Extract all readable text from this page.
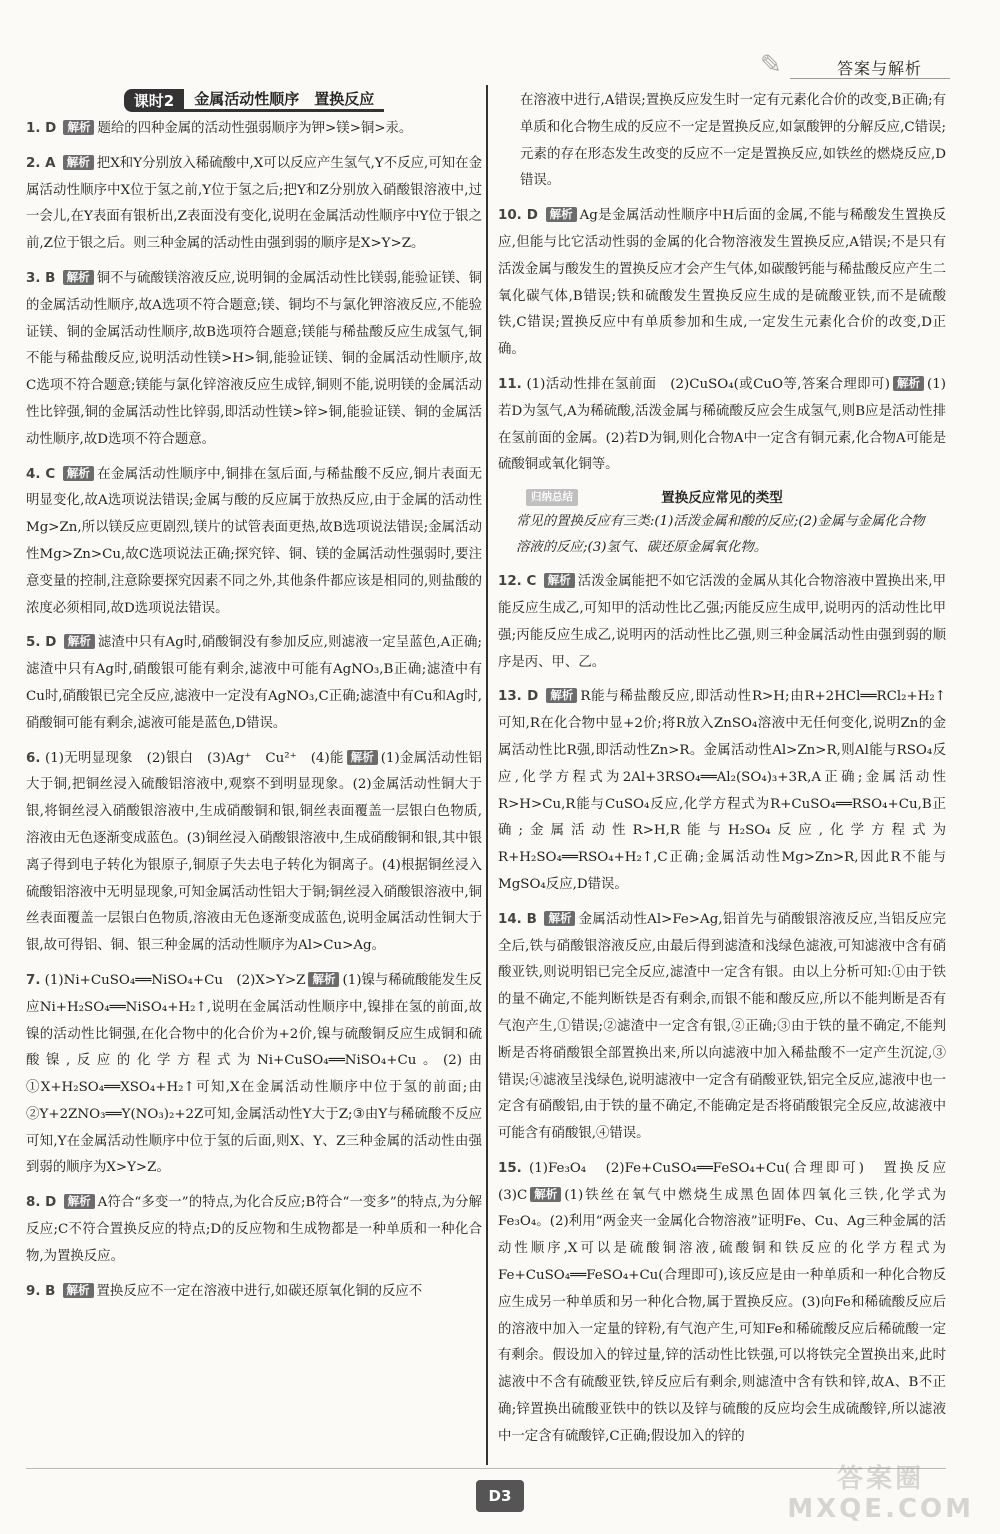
✎	答案与解析
课时2	金属活动性顺序　置换反应

1. D 解析 题给的四种金属的活动性强弱顺序为钾>镁>铜>汞。

2. A 解析 把X和Y分别放入稀硫酸中,X可以反应产生氢气,Y不反应,可知在金属活动性顺序中X位于氢之前,Y位于氢之后;把Y和Z分别放入硝酸银溶液中,过一会儿,在Y表面有银析出,Z表面没有变化,说明在金属活动性顺序中Y位于银之前,Z位于银之后。则三种金属的活动性由强到弱的顺序是X>Y>Z。

3. B 解析 铜不与硫酸镁溶液反应,说明铜的金属活动性比镁弱,能验证镁、铜的金属活动性顺序,故A选项不符合题意;镁、铜均不与氯化钾溶液反应,不能验证镁、铜的金属活动性顺序,故B选项符合题意;镁能与稀盐酸反应生成氢气,铜不能与稀盐酸反应,说明活动性镁>H>铜,能验证镁、铜的金属活动性顺序,故C选项不符合题意;镁能与氯化锌溶液反应生成锌,铜则不能,说明镁的金属活动性比锌强,铜的金属活动性比锌弱,即活动性镁>锌>铜,能验证镁、铜的金属活动性顺序,故D选项不符合题意。

4. C 解析 在金属活动性顺序中,铜排在氢后面,与稀盐酸不反应,铜片表面无明显变化,故A选项说法错误;金属与酸的反应属于放热反应,由于金属的活动性Mg>Zn,所以镁反应更剧烈,镁片的试管表面更热,故B选项说法错误;金属活动性Mg>Zn>Cu,故C选项说法正确;探究锌、铜、镁的金属活动性强弱时,要注意变量的控制,注意除要探究因素不同之外,其他条件都应该是相同的,则盐酸的浓度必须相同,故D选项说法错误。

5. D 解析 滤渣中只有Ag时,硝酸铜没有参加反应,则滤液一定呈蓝色,A正确;滤渣中只有Ag时,硝酸银可能有剩余,滤液中可能有AgNO₃,B正确;滤渣中有Cu时,硝酸银已完全反应,滤液中一定没有AgNO₃,C正确;滤渣中有Cu和Ag时,硝酸铜可能有剩余,滤液可能是蓝色,D错误。

6. (1)无明显现象　(2)银白　(3)Ag⁺　Cu²⁺　(4)能 解析 (1)金属活动性铝大于铜,把铜丝浸入硫酸铝溶液中,观察不到明显现象。(2)金属活动性铜大于银,将铜丝浸入硝酸银溶液中,生成硝酸铜和银,铜丝表面覆盖一层银白色物质,溶液由无色逐渐变成蓝色。(3)铜丝浸入硝酸银溶液中,生成硝酸铜和银,其中银离子得到电子转化为银原子,铜原子失去电子转化为铜离子。(4)根据铜丝浸入硫酸铝溶液中无明显现象,可知金属活动性铝大于铜;铜丝浸入硝酸银溶液中,铜丝表面覆盖一层银白色物质,溶液由无色逐渐变成蓝色,说明金属活动性铜大于银,故可得铝、铜、银三种金属的活动性顺序为Al>Cu>Ag。

7. (1)Ni+CuSO₄══NiSO₄+Cu　(2)X>Y>Z 解析 (1)镍与稀硫酸能发生反应Ni+H₂SO₄══NiSO₄+H₂↑,说明在金属活动性顺序中,镍排在氢的前面,故镍的活动性比铜强,在化合物中的化合价为+2价,镍与硫酸铜反应生成铜和硫酸镍,反应的化学方程式为Ni+CuSO₄══NiSO₄+Cu。(2)由①X+H₂SO₄══XSO₄+H₂↑可知,X在金属活动性顺序中位于氢的前面;由②Y+2ZNO₃══Y(NO₃)₂+2Z可知,金属活动性Y大于Z;③由Y与稀硫酸不反应可知,Y在金属活动性顺序中位于氢的后面,则X、Y、Z三种金属的活动性由强到弱的顺序为X>Y>Z。

8. D 解析 A符合“多变一”的特点,为化合反应;B符合“一变多”的特点,为分解反应;C不符合置换反应的特点;D的反应物和生成物都是一种单质和一种化合物,为置换反应。

9. B 解析 置换反应不一定在溶液中进行,如碳还原氧化铜的反应不

在溶液中进行,A错误;置换反应发生时一定有元素化合价的改变,B正确;有单质和化合物生成的反应不一定是置换反应,如氯酸钾的分解反应,C错误;元素的存在形态发生改变的反应不一定是置换反应,如铁丝的燃烧反应,D错误。

10. D 解析 Ag是金属活动性顺序中H后面的金属,不能与稀酸发生置换反应,但能与比它活动性弱的金属的化合物溶液发生置换反应,A错误;不是只有活泼金属与酸发生的置换反应才会产生气体,如碳酸钙能与稀盐酸反应产生二氧化碳气体,B错误;铁和硫酸发生置换反应生成的是硫酸亚铁,而不是硫酸铁,C错误;置换反应中有单质参加和生成,一定发生元素化合价的改变,D正确。

11. (1)活动性排在氢前面　(2)CuSO₄(或CuO等,答案合理即可) 解析 (1)若D为氢气,A为稀硫酸,活泼金属与稀硫酸反应会生成氢气,则B应是活动性排在氢前面的金属。(2)若D为铜,则化合物A中一定含有铜元素,化合物A可能是硫酸铜或氧化铜等。

归纳总结	置换反应常见的类型
常见的置换反应有三类:(1)活泼金属和酸的反应;(2)金属与金属化合物溶液的反应;(3)氢气、碳还原金属氧化物。

12. C 解析 活泼金属能把不如它活泼的金属从其化合物溶液中置换出来,甲能反应生成乙,可知甲的活动性比乙强;丙能反应生成甲,说明丙的活动性比甲强;丙能反应生成乙,说明丙的活动性比乙强,则三种金属活动性由强到弱的顺序是丙、甲、乙。

13. D 解析 R能与稀盐酸反应,即活动性R>H;由R+2HCl══RCl₂+H₂↑可知,R在化合物中显+2价;将R放入ZnSO₄溶液中无任何变化,说明Zn的金属活动性比R强,即活动性Zn>R。金属活动性Al>Zn>R,则Al能与RSO₄反应,化学方程式为2Al+3RSO₄══Al₂(SO₄)₃+3R,A正确;金属活动性R>H>Cu,R能与CuSO₄反应,化学方程式为R+CuSO₄══RSO₄+Cu,B正确;金属活动性R>H,R能与H₂SO₄反应,化学方程式为R+H₂SO₄══RSO₄+H₂↑,C正确;金属活动性Mg>Zn>R,因此R不能与MgSO₄反应,D错误。

14. B 解析 金属活动性Al>Fe>Ag,铝首先与硝酸银溶液反应,当铝反应完全后,铁与硝酸银溶液反应,由最后得到滤渣和浅绿色滤液,可知滤液中含有硝酸亚铁,则说明铝已完全反应,滤渣中一定含有银。由以上分析可知:①由于铁的量不确定,不能判断铁是否有剩余,而银不能和酸反应,所以不能判断是否有气泡产生,①错误;②滤渣中一定含有银,②正确;③由于铁的量不确定,不能判断是否将硝酸银全部置换出来,所以向滤液中加入稀盐酸不一定产生沉淀,③错误;④滤液呈浅绿色,说明滤液中一定含有硝酸亚铁,铝完全反应,滤液中也一定含有硝酸铝,由于铁的量不确定,不能确定是否将硝酸银完全反应,故滤液中可能含有硝酸银,④错误。

15. (1)Fe₃O₄　(2)Fe+CuSO₄══FeSO₄+Cu(合理即可)　置换反应　(3)C 解析 (1)铁丝在氧气中燃烧生成黑色固体四氧化三铁,化学式为Fe₃O₄。(2)利用“两金夹一金属化合物溶液”证明Fe、Cu、Ag三种金属的活动性顺序,X可以是硫酸铜溶液,硫酸铜和铁反应的化学方程式为Fe+CuSO₄══FeSO₄+Cu(合理即可),该反应是由一种单质和一种化合物反应生成另一种单质和另一种化合物,属于置换反应。(3)向Fe和稀硫酸反应后的溶液中加入一定量的锌粉,有气泡产生,可知Fe和稀硫酸反应后稀硫酸一定有剩余。假设加入的锌过量,锌的活动性比铁强,可以将铁完全置换出来,此时滤液中不含有硫酸亚铁,锌反应后有剩余,则滤渣中含有铁和锌,故A、B不正确;锌置换出硫酸亚铁中的铁以及锌与硫酸的反应均会生成硫酸锌,所以滤液中一定含有硫酸锌,C正确;假设加入的锌的

D3
答案圈
MXQE.COM
